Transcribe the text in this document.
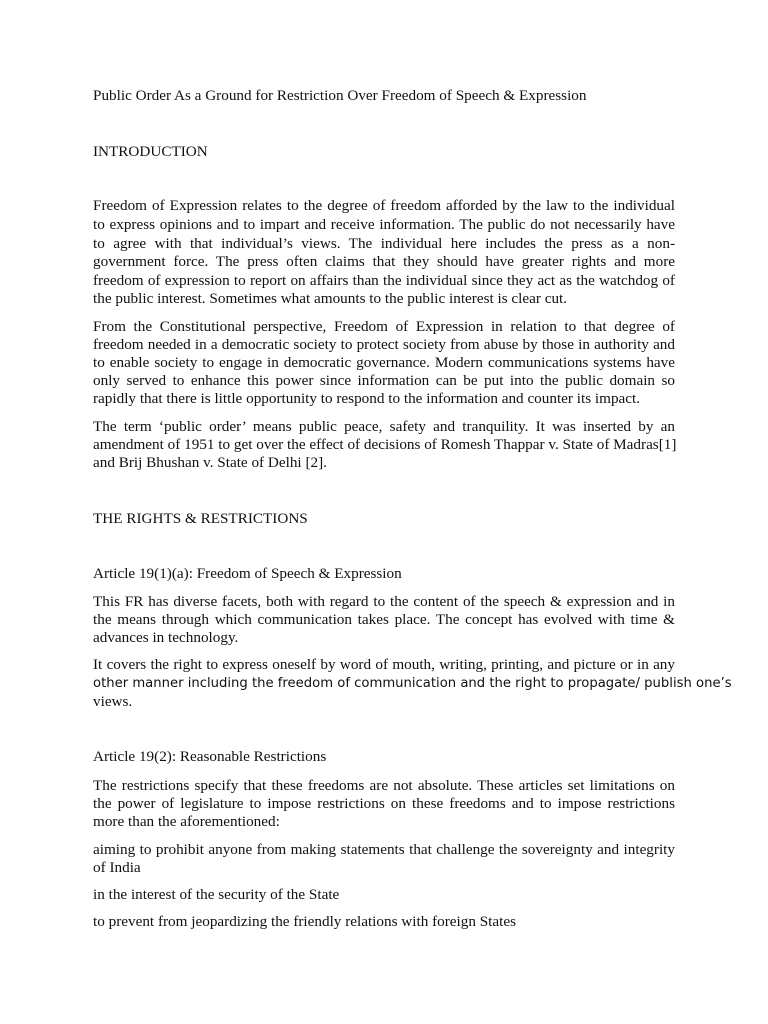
Public Order As a Ground for Restriction Over Freedom of Speech & Expression

INTRODUCTION

Freedom of Expression relates to the degree of freedom afforded by the law to the individual

to express opinions and to impart and receive information. The public do not necessarily have

to agree with that individual’s views. The individual here includes the press as a non-

government force. The press often claims that they should have greater rights and more

freedom of expression to report on affairs than the individual since they act as the watchdog of

the public interest. Sometimes what amounts to the public interest is clear cut.

From the Constitutional perspective, Freedom of Expression in relation to that degree of

freedom needed in a democratic society to protect society from abuse by those in authority and

to enable society to engage in democratic governance. Modern communications systems have

only served to enhance this power since information can be put into the public domain so

rapidly that there is little opportunity to respond to the information and counter its impact.

The term ‘public order’ means public peace, safety and tranquility. It was inserted by an

amendment of 1951 to get over the effect of decisions of Romesh Thappar v. State of Madras[1]

and Brij Bhushan v. State of Delhi [2].

THE RIGHTS & RESTRICTIONS

Article 19(1)(a): Freedom of Speech & Expression

This FR has diverse facets, both with regard to the content of the speech & expression and in

the means through which communication takes place. The concept has evolved with time &

advances in technology.

It covers the right to express oneself by word of mouth, writing, printing, and picture or in any

other manner including the freedom of communication and the right to propagate/ publish one’s

views.

Article 19(2): Reasonable Restrictions

The restrictions specify that these freedoms are not absolute. These articles set limitations on

the power of legislature to impose restrictions on these freedoms and to impose restrictions

more than the aforementioned:

aiming to prohibit anyone from making statements that challenge the sovereignty and integrity

of India

in the interest of the security of the State

to prevent from jeopardizing the friendly relations with foreign States
